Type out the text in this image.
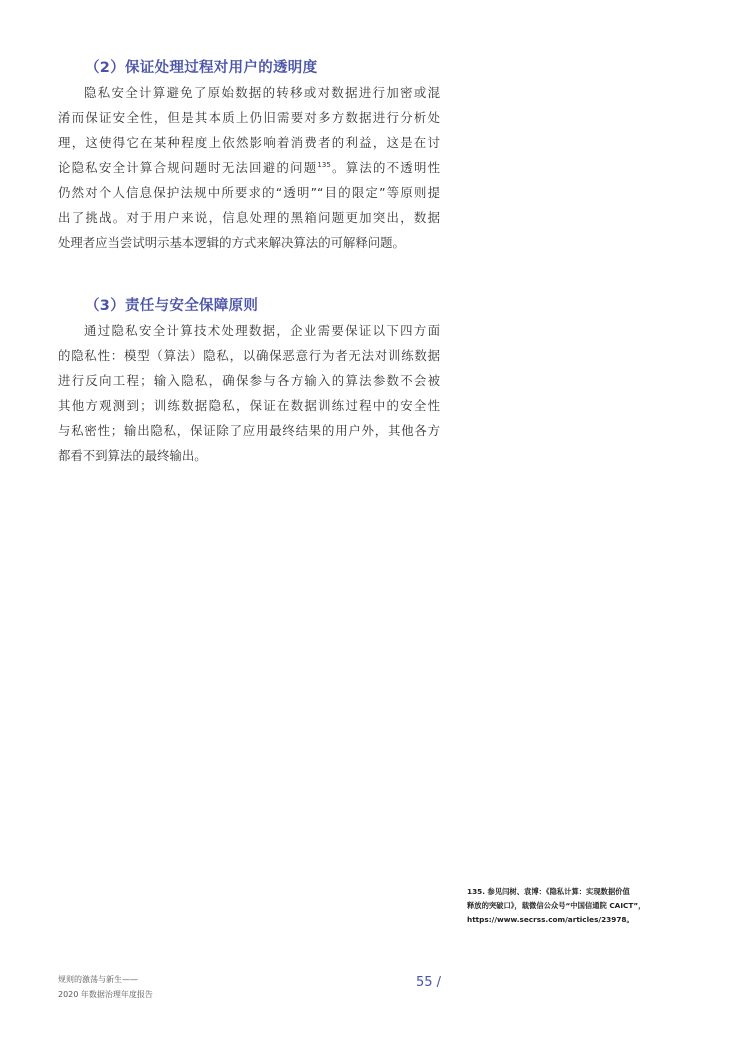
（2）保证处理过程对用户的透明度
隐私安全计算避免了原始数据的转移或对数据进行加密或混
淆而保证安全性，但是其本质上仍旧需要对多方数据进行分析处
理，这使得它在某种程度上依然影响着消费者的利益，这是在讨
论隐私安全计算合规问题时无法回避的问题$^{135}$。算法的不透明性
仍然对个人信息保护法规中所要求的“透明”“目的限定”等原则提
出了挑战。对于用户来说，信息处理的黑箱问题更加突出，数据
处理者应当尝试明示基本逻辑的方式来解决算法的可解释问题。
（3）责任与安全保障原则
通过隐私安全计算技术处理数据，企业需要保证以下四方面
的隐私性：模型（算法）隐私，以确保恶意行为者无法对训练数据
进行反向工程；输入隐私，确保参与各方输入的算法参数不会被
其他方观测到；训练数据隐私，保证在数据训练过程中的安全性
与私密性；输出隐私，保证除了应用最终结果的用户外，其他各方
都看不到算法的最终输出。
135. 参见闫树、袁博：《隐私计算：实现数据价值
释放的突破口》，载微信公众号“中国信通院 CAICT”，
https://www.secrss.com/articles/23978。
规则的激荡与新生——
2020 年数据治理年度报告
55 /
